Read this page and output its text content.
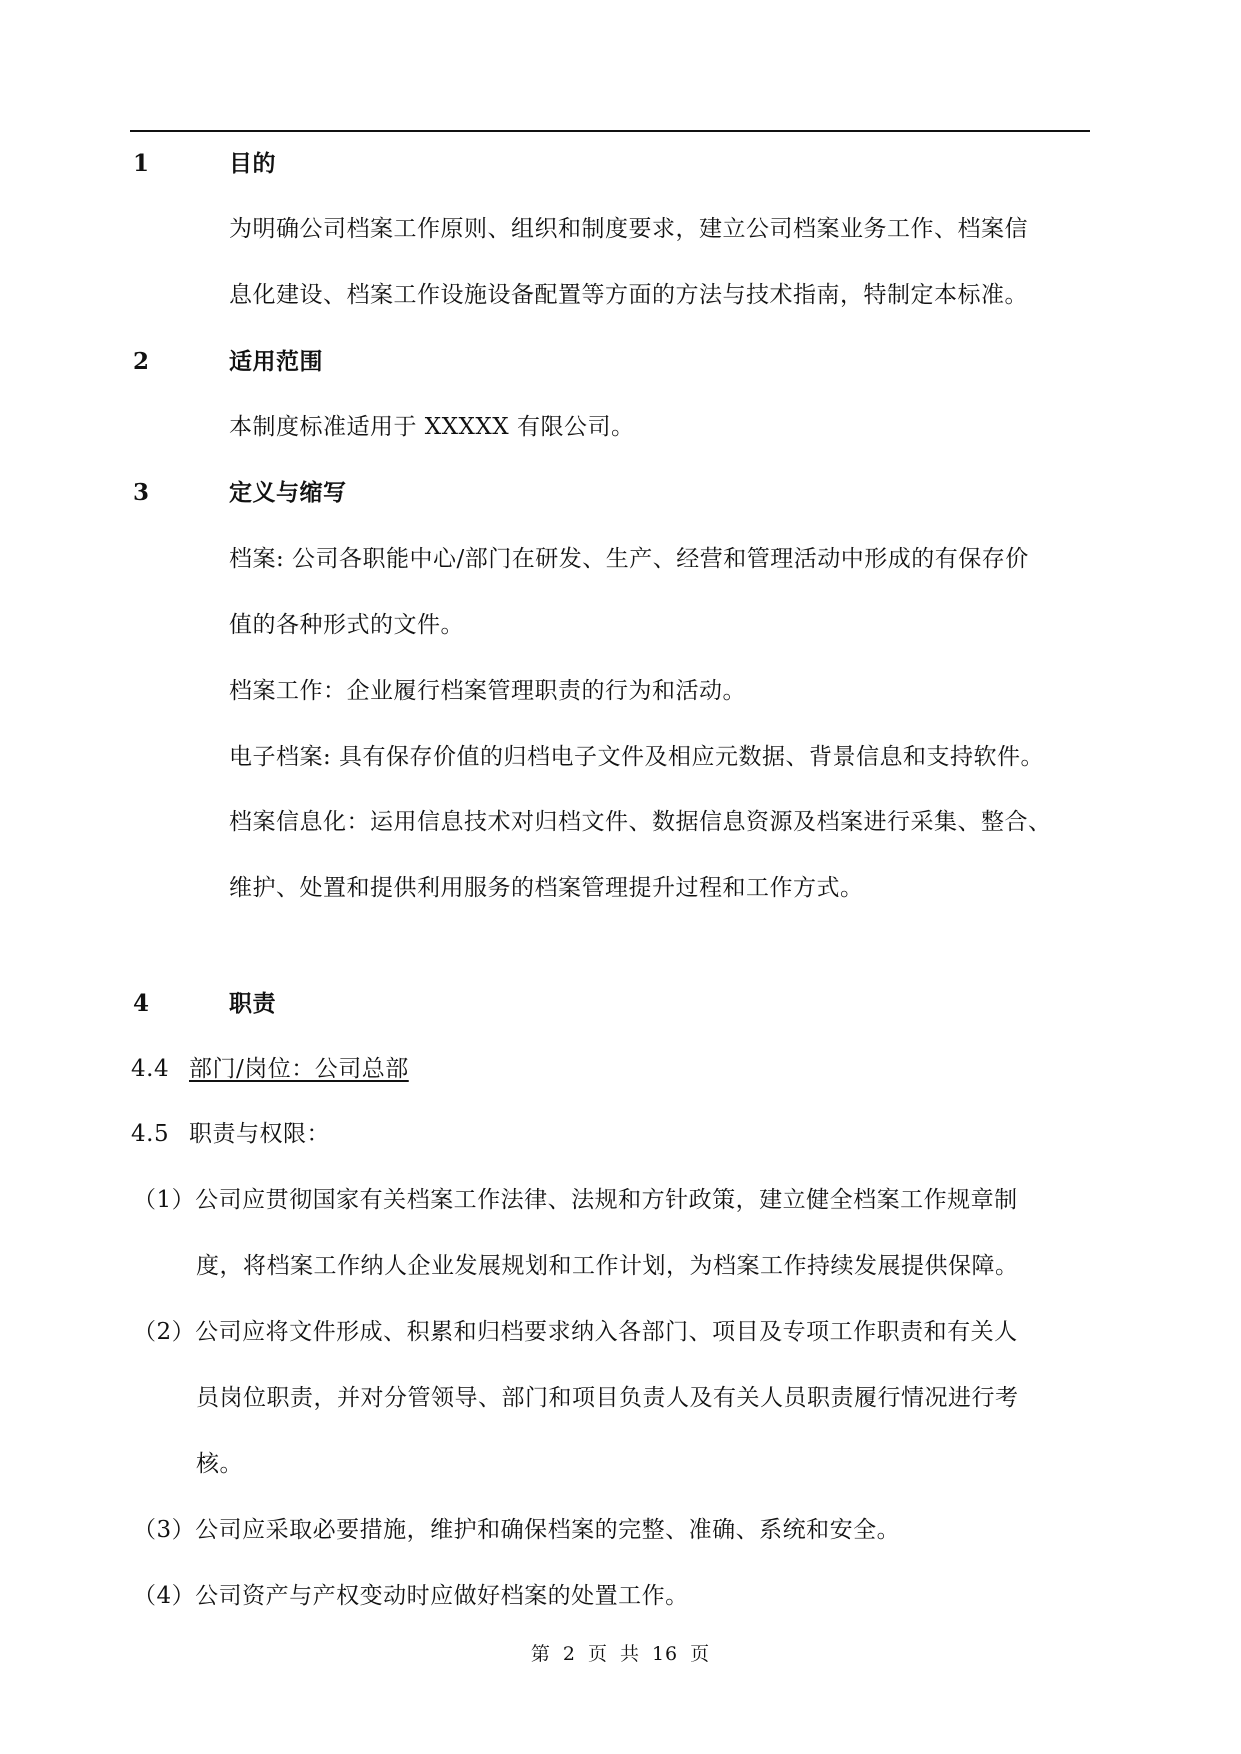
1	目的
为明确公司档案工作原则、组织和制度要求，建立公司档案业务工作、档案信
息化建设、档案工作设施设备配置等方面的方法与技术指南，特制定本标准。
2	适用范围
本制度标准适用于 XXXXX 有限公司。
3	定义与缩写
档案: 公司各职能中心/部门在研发、生产、经营和管理活动中形成的有保存价
值的各种形式的文件。
档案工作：企业履行档案管理职责的行为和活动。
电子档案: 具有保存价值的归档电子文件及相应元数据、背景信息和支持软件。
档案信息化：运用信息技术对归档文件、数据信息资源及档案进行采集、整合、
维护、处置和提供利用服务的档案管理提升过程和工作方式。
4	职责
4.4 部门/岗位：公司总部
4.5 职责与权限：
（1）公司应贯彻国家有关档案工作法律、法规和方针政策，建立健全档案工作规章制
度，将档案工作纳人企业发展规划和工作计划，为档案工作持续发展提供保障。
（2）公司应将文件形成、积累和归档要求纳入各部门、项目及专项工作职责和有关人
员岗位职责，并对分管领导、部门和项目负责人及有关人员职责履行情况进行考
核。
（3）公司应采取必要措施，维护和确保档案的完整、准确、系统和安全。
（4）公司资产与产权变动时应做好档案的处置工作。
第 2 页 共 16 页
